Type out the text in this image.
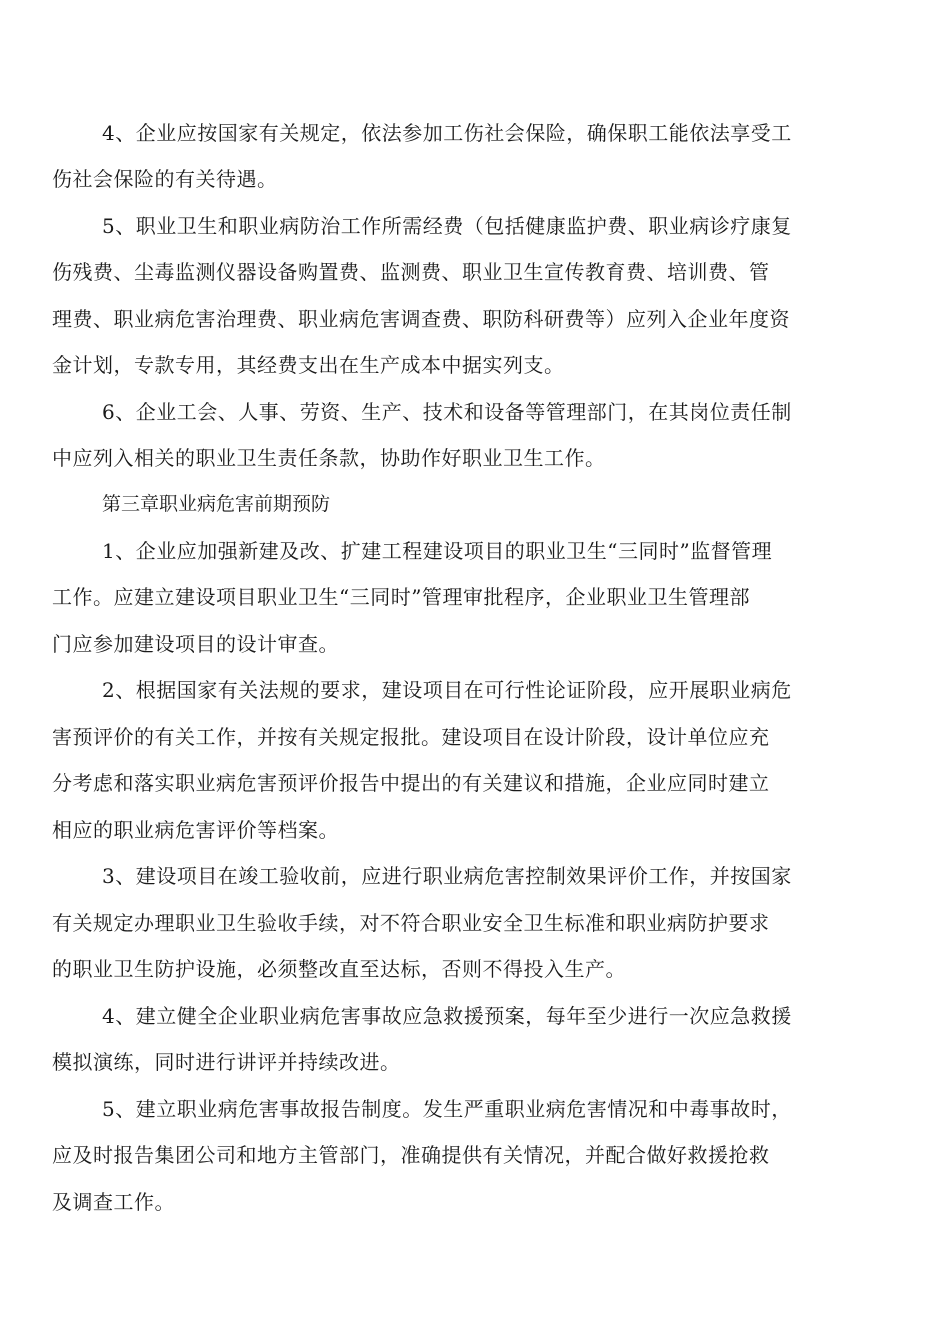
4、企业应按国家有关规定，依法参加工伤社会保险，确保职工能依法享受工
伤社会保险的有关待遇。
5、职业卫生和职业病防治工作所需经费（包括健康监护费、职业病诊疗康复
伤残费、尘毒监测仪器设备购置费、监测费、职业卫生宣传教育费、培训费、管
理费、职业病危害治理费、职业病危害调查费、职防科研费等）应列入企业年度资
金计划，专款专用，其经费支出在生产成本中据实列支。
6、企业工会、人事、劳资、生产、技术和设备等管理部门，在其岗位责任制
中应列入相关的职业卫生责任条款，协助作好职业卫生工作。
第三章职业病危害前期预防
1、企业应加强新建及改、扩建工程建设项目的职业卫生“三同时”监督管理
工作。应建立建设项目职业卫生“三同时”管理审批程序，企业职业卫生管理部
门应参加建设项目的设计审查。
2、根据国家有关法规的要求，建设项目在可行性论证阶段，应开展职业病危
害预评价的有关工作，并按有关规定报批。建设项目在设计阶段，设计单位应充
分考虑和落实职业病危害预评价报告中提出的有关建议和措施，企业应同时建立
相应的职业病危害评价等档案。
3、建设项目在竣工验收前，应进行职业病危害控制效果评价工作，并按国家
有关规定办理职业卫生验收手续，对不符合职业安全卫生标准和职业病防护要求
的职业卫生防护设施，必须整改直至达标，否则不得投入生产。
4、建立健全企业职业病危害事故应急救援预案，每年至少进行一次应急救援
模拟演练，同时进行讲评并持续改进。
5、建立职业病危害事故报告制度。发生严重职业病危害情况和中毒事故时，
应及时报告集团公司和地方主管部门，准确提供有关情况，并配合做好救援抢救
及调查工作。
